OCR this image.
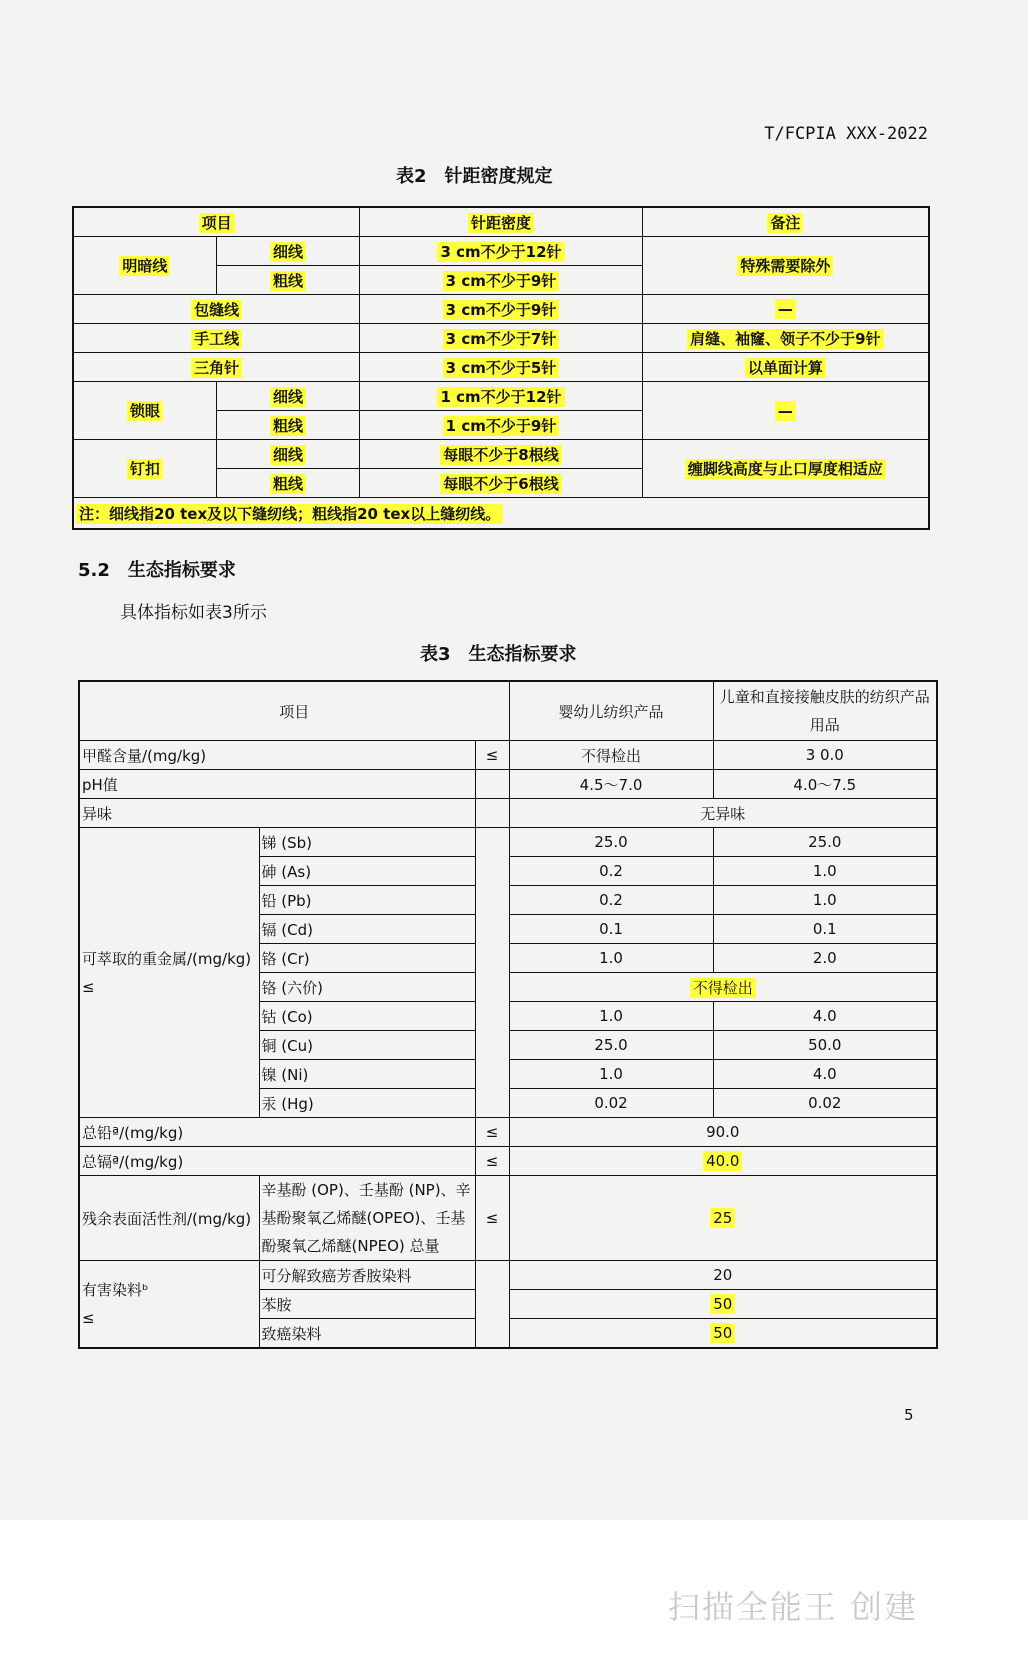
T/FCPIA XXX-2022
表2　针距密度规定
项目		针距密度	备注
明暗线	细线	3 cm不少于12针	特殊需要除外
	粗线	3 cm不少于9针	
包缝线		3 cm不少于9针	—
手工线		3 cm不少于7针	肩缝、袖窿、领子不少于9针
三角针		3 cm不少于5针	以单面计算
锁眼	细线	1 cm不少于12针	—
	粗线	1 cm不少于9针	
钉扣	细线	每眼不少于8根线	缠脚线高度与止口厚度相适应
	粗线	每眼不少于6根线	
注：细线指20 tex及以下缝纫线；粗线指20 tex以上缝纫线。			
5.2　生态指标要求
具体指标如表3所示
表3　生态指标要求
项目			婴幼儿纺织产品	儿童和直接接触皮肤的纺织产品用品
甲醛含量/(mg/kg)		≤	不得检出	3 0.0
pH值			4.5～7.0	4.0～7.5
异味			无异味	
可萃取的重金属/(mg/kg)
≤	锑 (Sb)		25.0	25.0
	砷 (As)		0.2	1.0
	铅 (Pb)		0.2	1.0
	镉 (Cd)		0.1	0.1
	铬 (Cr)		1.0	2.0
	铬 (六价)		不得检出	
	钴 (Co)		1.0	4.0
	铜 (Cu)		25.0	50.0
	镍 (Ni)		1.0	4.0
	汞 (Hg)		0.02	0.02
总铅ª/(mg/kg)		≤	90.0	
总镉ª/(mg/kg)		≤	40.0	
残余表面活性剂/(mg/kg)	辛基酚 (OP)、壬基酚 (NP)、辛基酚聚氧乙烯醚(OPEO)、壬基酚聚氧乙烯醚(NPEO) 总量	≤	25	
有害染料ᵇ
≤	可分解致癌芳香胺染料		20	
	苯胺		50	
	致癌染料		50	
5
扫描全能王 创建
